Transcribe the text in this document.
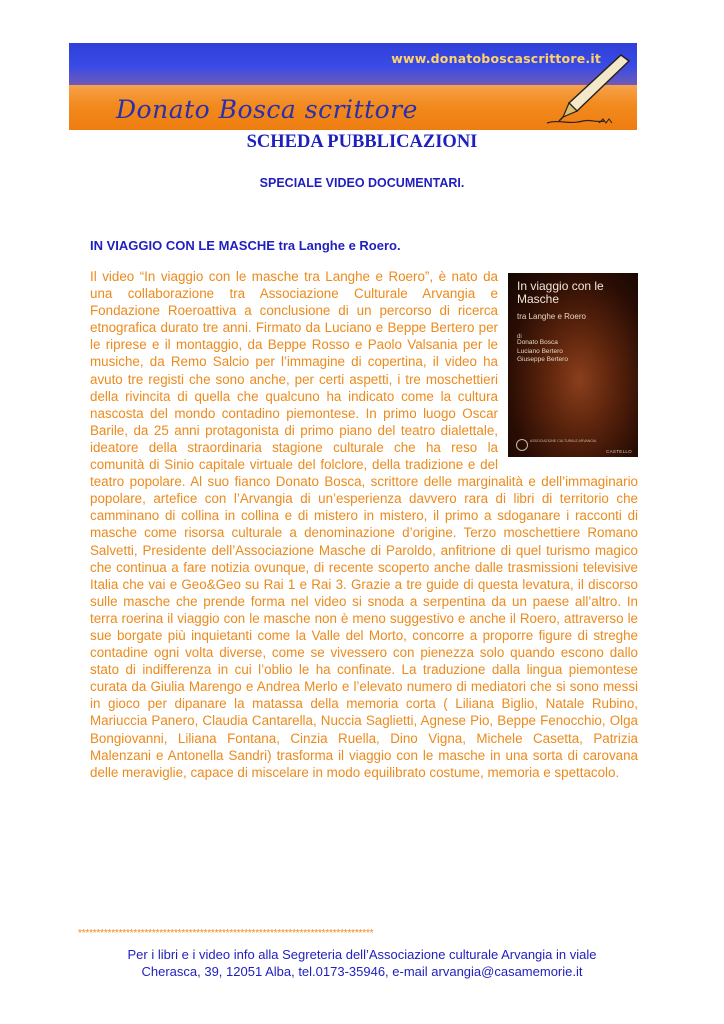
www.donatoboscascrittore.it
Donato Bosca scrittore
SCHEDA PUBBLICAZIONI
SPECIALE VIDEO DOCUMENTARI.
IN VIAGGIO CON LE MASCHE tra Langhe e Roero.
In viaggio con le
Masche
tra Langhe e Roero
di
Donato Bosca
Luciano Bertero
Giuseppe Bertero
ASSOCIAZIONE CULTURALE ARVANGIA
CASTELLO
Il video “In viaggio con le masche tra Langhe e Roero”, è nato da una collaborazione tra Associazione Culturale Arvangia e Fondazione Roeroattiva a conclusione di un percorso di ricerca etnografica durato tre anni. Firmato da Luciano e Beppe Bertero per le riprese e il montaggio, da Beppe Rosso e Paolo Valsania per le musiche, da Remo Salcio per l’immagine di copertina, il video ha avuto tre registi che sono anche, per certi aspetti, i tre moschettieri della rivincita di quella che qualcuno ha indicato come la cultura nascosta del mondo contadino piemontese. In primo luogo Oscar Barile, da 25 anni protagonista di primo piano del teatro dialettale, ideatore della straordinaria stagione culturale che ha reso la comunità di Sinio capitale virtuale del folclore, della tradizione e del teatro popolare. Al suo fianco Donato Bosca, scrittore delle marginalità e dell’immaginario popolare, artefice con l’Arvangia di un’esperienza davvero rara di libri di territorio che camminano di collina in collina e di mistero in mistero, il primo a sdoganare i racconti di masche come risorsa culturale a denominazione d’origine. Terzo moschettiere Romano Salvetti, Presidente dell’Associazione Masche di Paroldo, anfitrione di quel turismo magico che continua a fare notizia ovunque, di recente scoperto anche dalle trasmissioni televisive Italia che vai e Geo&Geo su Rai 1 e Rai 3. Grazie a tre guide di questa levatura, il discorso sulle masche che prende forma nel video si snoda a serpentina da un paese all’altro. In terra roerina il viaggio con le masche non è meno suggestivo e anche il Roero, attraverso le sue borgate più inquietanti come la Valle del Morto, concorre a proporre figure di streghe contadine ogni volta diverse, come se vivessero con pienezza solo quando escono dallo stato di indifferenza in cui l’oblio le ha confinate. La traduzione dalla lingua piemontese curata da Giulia Marengo e Andrea Merlo e l’elevato numero di mediatori che si sono messi in gioco per dipanare la matassa della memoria corta ( Liliana Biglio, Natale Rubino, Mariuccia Panero, Claudia Cantarella, Nuccia Saglietti, Agnese Pio, Beppe Fenocchio, Olga Bongiovanni, Liliana Fontana, Cinzia Ruella, Dino Vigna, Michele Casetta, Patrizia Malenzani e Antonella Sandri) trasforma il viaggio con le masche in una sorta di carovana delle meraviglie, capace di miscelare in modo equilibrato costume, memoria e spettacolo.
********************************************************************************
Per i libri e i video info alla Segreteria dell’Associazione culturale Arvangia in viale
Cherasca, 39, 12051 Alba, tel.0173-35946, e-mail arvangia@casamemorie.it
